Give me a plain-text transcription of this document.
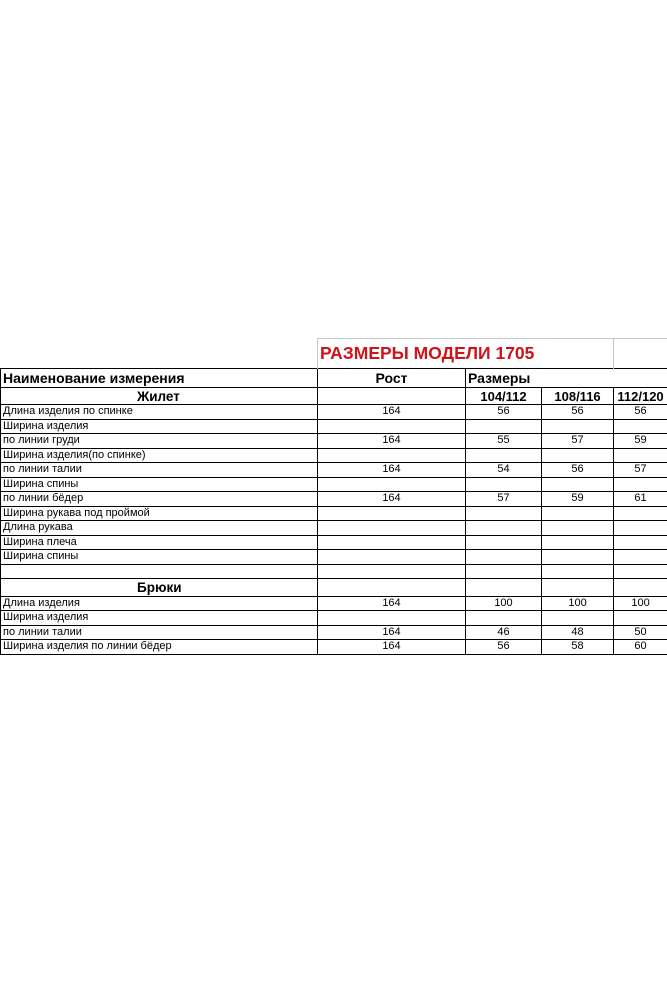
	РАЗМЕРЫ МОДЕЛИ 1705			
Наименование измерения	Рост	Размеры		
Жилет		104/112	108/116	112/120
Длина изделия по спинке	164	56	56	56
Ширина изделия				
по линии груди	164	55	57	59
Ширина изделия(по спинке)				
по линии талии	164	54	56	57
Ширина спины				
по линии бёдер	164	57	59	61
Ширина рукава под проймой				
Длина рукава				
Ширина плеча				
Ширина спины				

Брюки				
Длина изделия	164	100	100	100
Ширина изделия				
по линии талии	164	46	48	50
Ширина изделия по линии бёдер	164	56	58	60
